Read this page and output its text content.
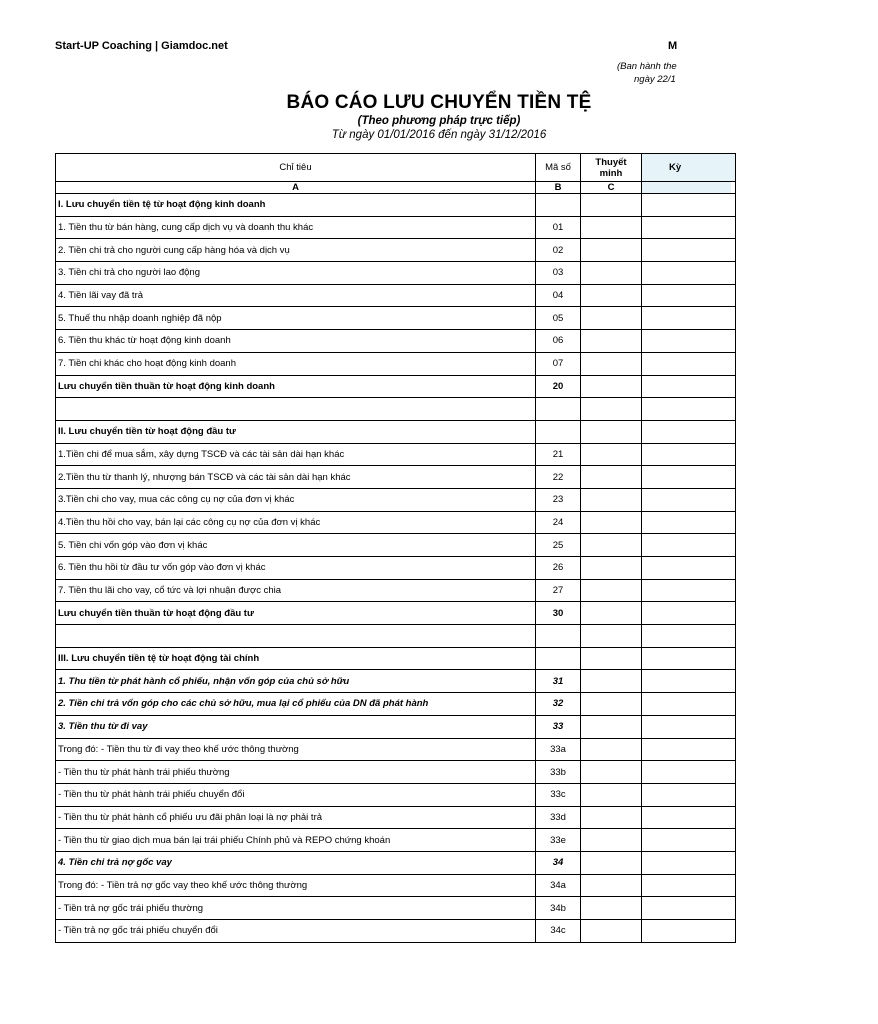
Start-UP Coaching | Giamdoc.net	M
(Ban hành the
ngày 22/1
BÁO CÁO LƯU CHUYỂN TIỀN TỆ
(Theo phương pháp trực tiếp)
Từ ngày 01/01/2016 đến ngày 31/12/2016
Chỉ tiêu	Mã số	Thuyết minh	Kỳ
A	B	C	
I. Lưu chuyển tiền tệ từ hoạt động kinh doanh			
1. Tiền thu từ bán hàng, cung cấp dịch vụ và doanh thu khác	01		
2. Tiền chi trả cho người cung cấp hàng hóa và dịch vụ	02		
3. Tiền chi trả cho người lao động	03		
4. Tiền lãi vay đã trả	04		
5. Thuế thu nhập doanh nghiệp đã nộp	05		
6. Tiền thu khác từ hoạt động kinh doanh	06		
7. Tiền chi khác cho hoạt động kinh doanh	07		
Lưu chuyển tiền thuần từ hoạt động kinh doanh	20		

II. Lưu chuyển tiền từ hoạt động đầu tư			
1.Tiền chi để mua sắm, xây dựng TSCĐ và các tài sản dài hạn khác	21		
2.Tiền thu từ thanh lý, nhượng bán TSCĐ và các tài sản dài hạn khác	22		
3.Tiền chi cho vay, mua các công cụ nợ của đơn vị khác	23		
4.Tiền thu hồi cho vay, bán lại các công cụ nợ của đơn vị khác	24		
5. Tiền chi vốn góp vào đơn vị khác	25		
6. Tiền thu hồi từ đầu tư vốn góp vào đơn vị khác	26		
7. Tiền thu lãi cho vay, cổ tức và lợi nhuận được chia	27		
Lưu chuyển tiền thuần từ hoạt động đầu tư	30		

III. Lưu chuyển tiền tệ từ hoạt động tài chính			
1. Thu tiền từ phát hành cổ phiếu, nhận vốn góp của chủ sở hữu	31		
2. Tiền chi trả vốn góp cho các chủ sở hữu, mua lại cổ phiếu của DN đã phát hành	32		
3. Tiền thu từ đi vay	33		
Trong đó: - Tiền thu từ đi vay theo khế ước thông thường	33a		
- Tiền thu từ phát hành trái phiếu thường	33b		
- Tiền thu từ phát hành trái phiếu chuyển đổi	33c		
- Tiền thu từ phát hành cổ phiếu ưu đãi phân loại là nợ phải trả	33d		
- Tiền thu từ giao dịch mua bán lại trái phiếu Chính phủ và REPO chứng khoán	33e		
4. Tiền chi trả nợ gốc vay	34		
Trong đó: - Tiền trả nợ gốc vay theo khế ước thông thường	34a		
- Tiền trả nợ gốc trái phiếu thường	34b		
- Tiền trả nợ gốc trái phiếu chuyển đổi	34c		
